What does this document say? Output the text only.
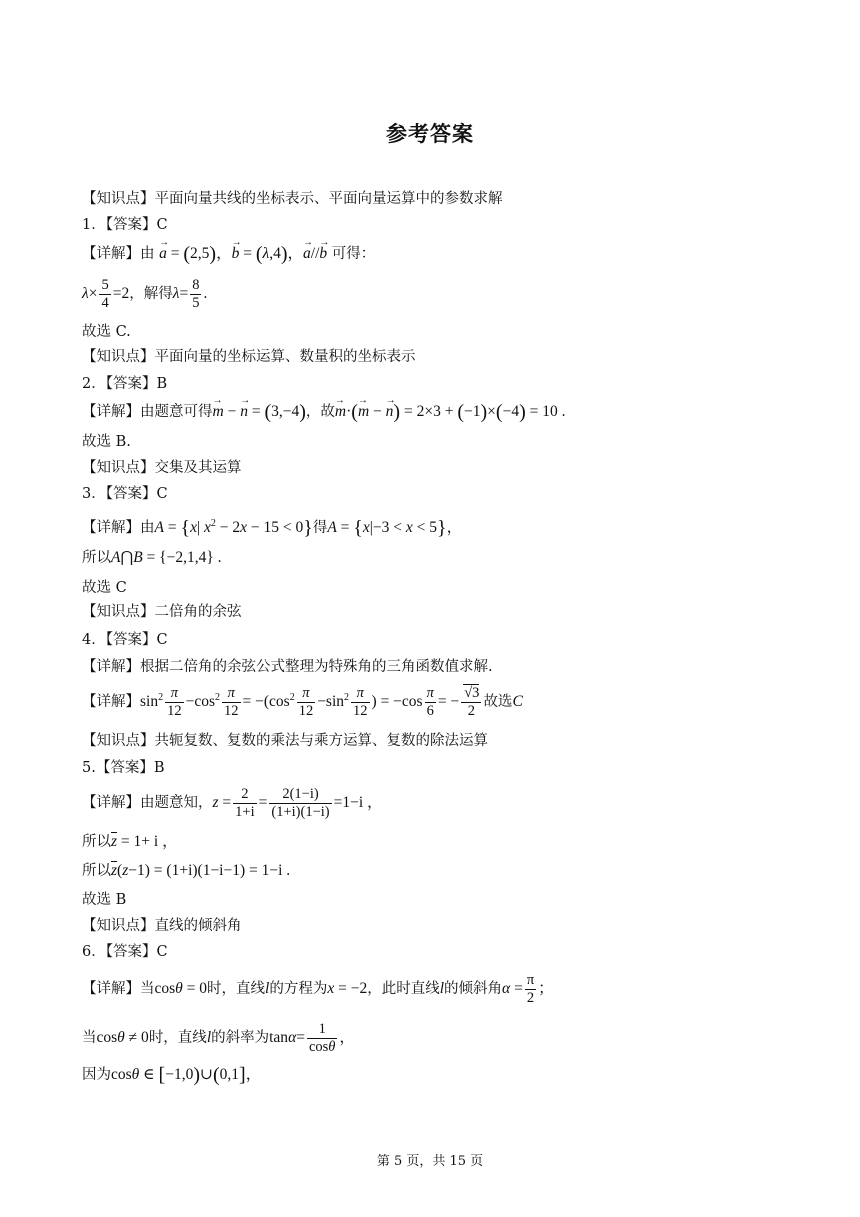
参考答案
【知识点】平面向量共线的坐标表示、平面向量运算中的参数求解
1．【答案】C
【详解】由 → a = (2,5)，→ b = (λ,4)，→ a//→ b 可得：
$\lambda\times \frac{5}{4} =2$，解得$\lambda= \frac{8}{5}$ .
故选 C.
【知识点】平面向量的坐标运算、数量积的坐标表示
2．【答案】B
【详解】由题意可得→ m − → n = (3,−4)，故→ m·(→ m − → n) = 2×3 + (−1)×(−4) = 10 .
故选 B.
【知识点】交集及其运算
3．【答案】C
【详解】由A = {x| $x^2 - 2x - 15 < 0$}得A = {x|−3 < x < 5}，
所以A⋂B = {−2,1,4} .
故选 C
【知识点】二倍角的余弦
4．【答案】C
【详解】根据二倍角的余弦公式整理为特殊角的三角函数值求解.
【详解】$\sin^2 \frac{\pi}{12} -\cos^2 \frac{\pi}{12} = -(\cos^2 \frac{\pi}{12} -\sin^2 \frac{\pi}{12}$ ) = $-\cos \frac{\pi}{6}$ = − $\frac{√3}{2}$ 故选C
【知识点】共轭复数、复数的乘法与乘方运算、复数的除法运算
5.【答案】B
【详解】由题意知，$z = \frac{2}{1+i} = \frac{2(1-i)}{(1+i)(1-i)} =1-i$ ，
所以$\overline{z} = 1+ i$ ，
所以$\overline{z}(z-1) = (1+i)(1-i-1) = 1-i$ .
故选 B
【知识点】直线的倾斜角
6．【答案】C
【详解】当cosθ = 0时，直线l的方程为x = −2，此时直线l的倾斜角$\alpha = \frac{\pi}{2}$ ；
当cosθ ≠ 0时，直线l的斜率为$\tan\alpha= \frac{1}{\cos\theta}$ ，
因为cosθ ∈ [−1,0)∪(0,1]，
第 5 页，共 15 页
